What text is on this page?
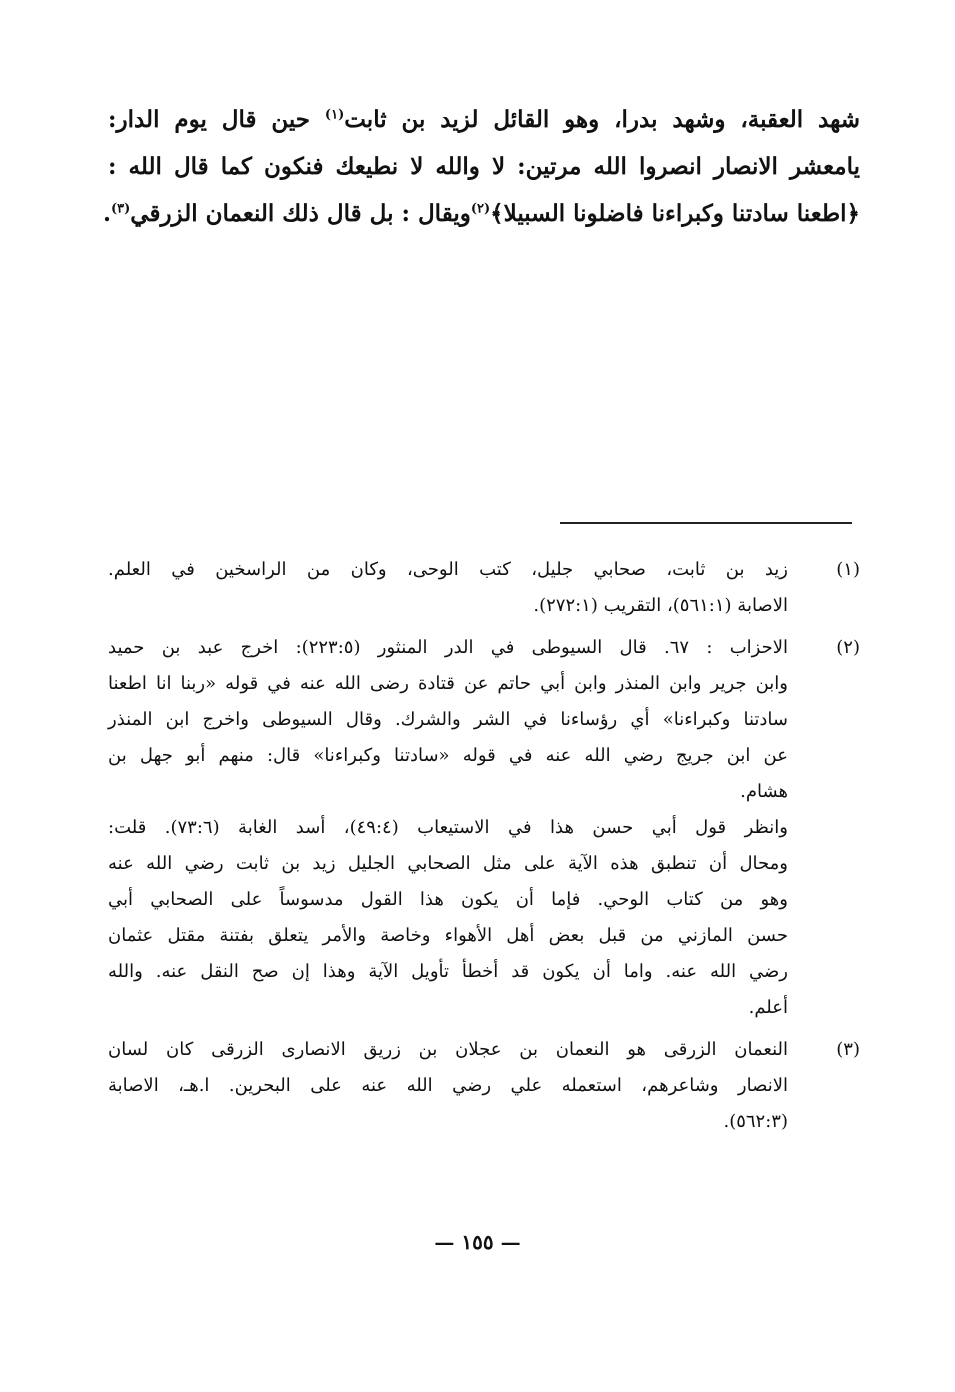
شهد العقبة، وشهد بدرا، وهو القائل لزيد بن ثابت$^{(١)}$ حين قال يوم الدار:
يامعشر الانصار انصروا الله مرتين: لا والله لا نطيعك فنكون كما قال الله :
﴿اطعنا سادتنا وكبراءنا فاضلونا السبيلا﴾$^{(٢)}$ويقال : بل قال ذلك النعمان الزرقي$^{(٣)}$.
(١)
زيد بن ثابت، صحابي جليل، كتب الوحى، وكان من الراسخين في العلم.
الاصابة (٥٦١:١)، التقريب (٢٧٢:١).
(٢)
الاحزاب : ٦٧. قال السيوطى في الدر المنثور (٢٢٣:٥): اخرج عبد بن حميد
وابن جرير وابن المنذر وابن أبي حاتم عن قتادة رضى الله عنه في قوله «ربنا انا اطعنا
سادتنا وكبراءنا» أي رؤساءنا في الشر والشرك. وقال السيوطى واخرج ابن المنذر
عن ابن جريج رضي الله عنه في قوله «سادتنا وكبراءنا» قال: منهم أبو جهل بن
هشام.
وانظر قول أبي حسن هذا في الاستيعاب (٤٩:٤)، أسد الغابة (٧٣:٦). قلت:
ومحال أن تنطبق هذه الآية على مثل الصحابي الجليل زيد بن ثابت رضي الله عنه
وهو من كتاب الوحي. فإما أن يكون هذا القول مدسوساً على الصحابي أبي
حسن المازني من قبل بعض أهل الأهواء وخاصة والأمر يتعلق بفتنة مقتل عثمان
رضي الله عنه. واما أن يكون قد أخطأ تأويل الآية وهذا إن صح النقل عنه. والله
أعلم.
(٣)
النعمان الزرقى هو النعمان بن عجلان بن زريق الانصارى الزرقى كان لسان
الانصار وشاعرهم، استعمله علي رضي الله عنه على البحرين. ا.هـ، الاصابة
(٥٦٢:٣).
— ١٥٥ —
